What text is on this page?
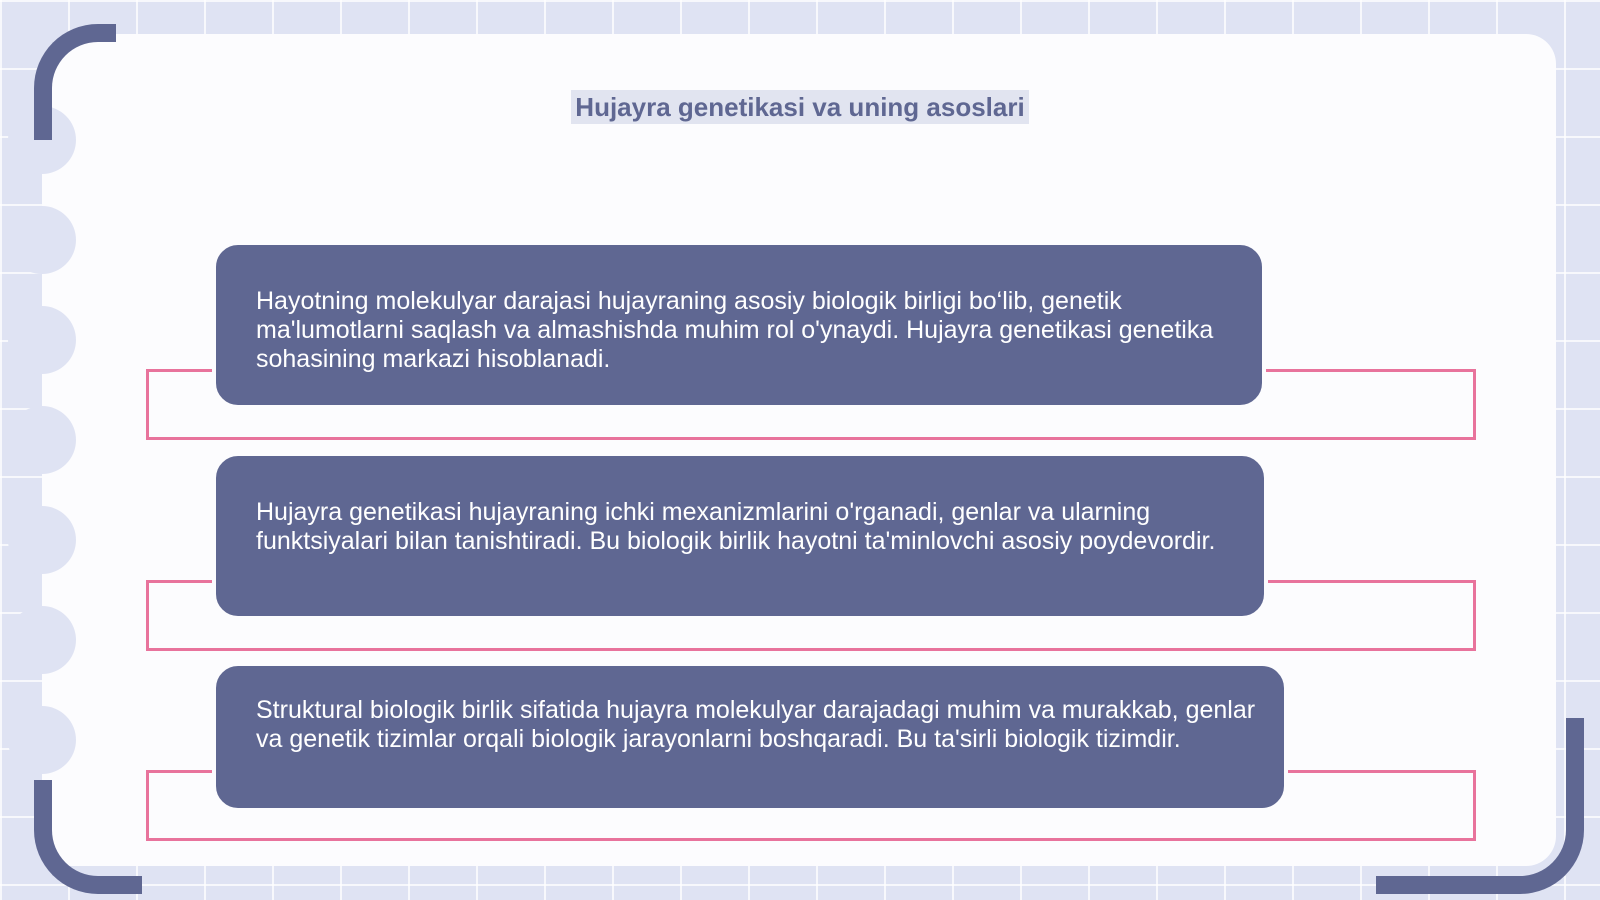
Hujayra genetikasi va uning asoslari

Hayotning molekulyar darajasi hujayraning asosiy biologik birligi bo‘lib, genetik ma'lumotlarni saqlash va almashishda muhim rol o'ynaydi. Hujayra genetikasi genetika sohasining markazi hisoblanadi.

Hujayra genetikasi hujayraning ichki mexanizmlarini o'rganadi, genlar va ularning funktsiyalari bilan tanishtiradi. Bu biologik birlik hayotni ta'minlovchi asosiy poydevordir.

Struktural biologik birlik sifatida hujayra molekulyar darajadagi muhim va murakkab, genlar va genetik tizimlar orqali biologik jarayonlarni boshqaradi. Bu ta'sirli biologik tizimdir.
